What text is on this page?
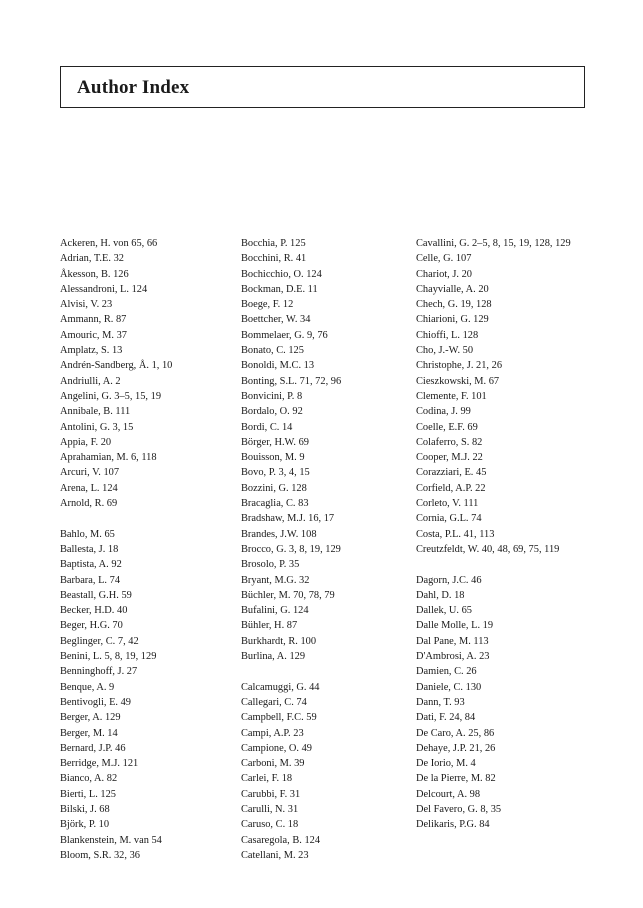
Author Index
Ackeren, H. von 65, 66
Adrian, T.E. 32
Åkesson, B. 126
Alessandroni, L. 124
Alvisi, V. 23
Ammann, R. 87
Amouric, M. 37
Amplatz, S. 13
Andrén-Sandberg, Å. 1, 10
Andriulli, A. 2
Angelini, G. 3–5, 15, 19
Annibale, B. 111
Antolini, G. 3, 15
Appia, F. 20
Aprahamian, M. 6, 118
Arcuri, V. 107
Arena, L. 124
Arnold, R. 69
Bahlo, M. 65
Ballesta, J. 18
Baptista, A. 92
Barbara, L. 74
Beastall, G.H. 59
Becker, H.D. 40
Beger, H.G. 70
Beglinger, C. 7, 42
Benini, L. 5, 8, 19, 129
Benninghoff, J. 27
Benque, A. 9
Bentivogli, E. 49
Berger, A. 129
Berger, M. 14
Bernard, J.P. 46
Berridge, M.J. 121
Bianco, A. 82
Bierti, L. 125
Bilski, J. 68
Björk, P. 10
Blankenstein, M. van 54
Bloom, S.R. 32, 36
Bocchia, P. 125
Bocchini, R. 41
Bochicchio, O. 124
Bockman, D.E. 11
Boege, F. 12
Boettcher, W. 34
Bommelaer, G. 9, 76
Bonato, C. 125
Bonoldi, M.C. 13
Bonting, S.L. 71, 72, 96
Bonvicini, P. 8
Bordalo, O. 92
Bordi, C. 14
Börger, H.W. 69
Bouisson, M. 9
Bovo, P. 3, 4, 15
Bozzini, G. 128
Bracaglia, C. 83
Bradshaw, M.J. 16, 17
Brandes, J.W. 108
Brocco, G. 3, 8, 19, 129
Brosolo, P. 35
Bryant, M.G. 32
Büchler, M. 70, 78, 79
Bufalini, G. 124
Bühler, H. 87
Burkhardt, R. 100
Burlina, A. 129
Calcamuggi, G. 44
Callegari, C. 74
Campbell, F.C. 59
Campi, A.P. 23
Campione, O. 49
Carboni, M. 39
Carlei, F. 18
Carubbi, F. 31
Carulli, N. 31
Caruso, C. 18
Casaregola, B. 124
Catellani, M. 23
Cavallini, G. 2–5, 8, 15, 19, 128, 129
Celle, G. 107
Chariot, J. 20
Chayvialle, A. 20
Chech, G. 19, 128
Chiarioni, G. 129
Chioffi, L. 128
Cho, J.-W. 50
Christophe, J. 21, 26
Cieszkowski, M. 67
Clemente, F. 101
Codina, J. 99
Coelle, E.F. 69
Colaferro, S. 82
Cooper, M.J. 22
Corazziari, E. 45
Corfield, A.P. 22
Corleto, V. 111
Cornia, G.L. 74
Costa, P.L. 41, 113
Creutzfeldt, W. 40, 48, 69, 75, 119
Dagorn, J.C. 46
Dahl, D. 18
Dallek, U. 65
Dalle Molle, L. 19
Dal Pane, M. 113
D'Ambrosi, A. 23
Damien, C. 26
Daniele, C. 130
Dann, T. 93
Dati, F. 24, 84
De Caro, A. 25, 86
Dehaye, J.P. 21, 26
De Iorio, M. 4
De la Pierre, M. 82
Delcourt, A. 98
Del Favero, G. 8, 35
Delikaris, P.G. 84
